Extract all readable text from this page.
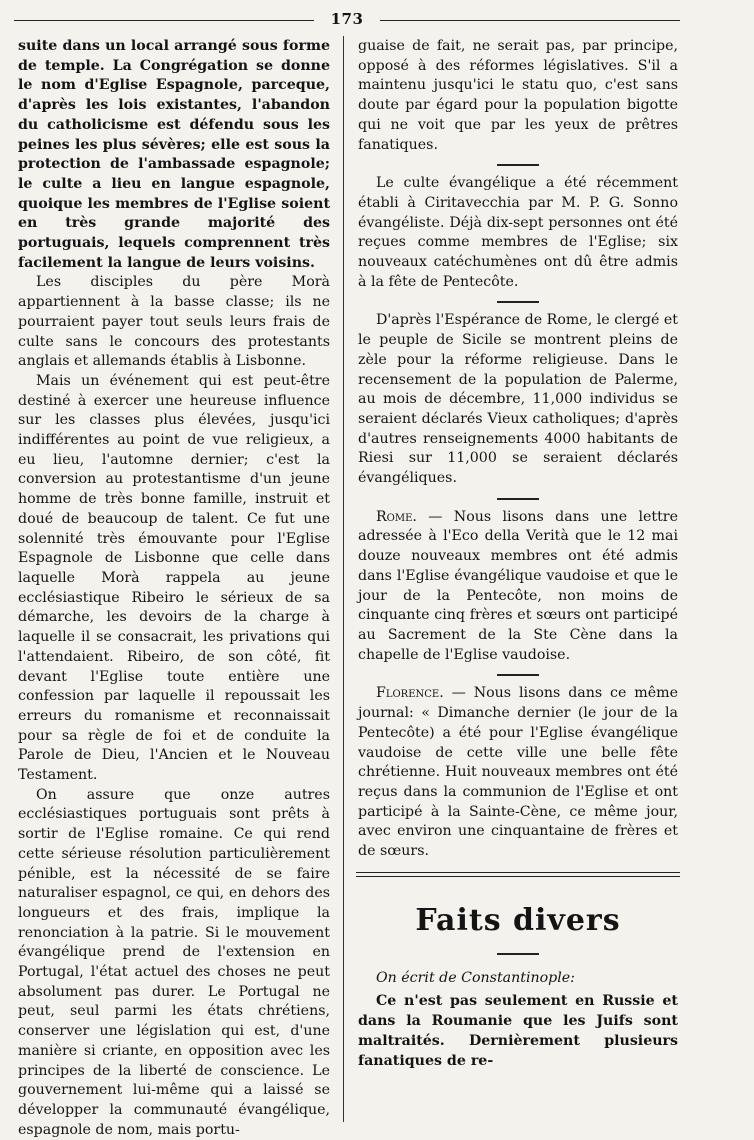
173

suite dans un local arrangé sous forme de temple. La Congrégation se donne le nom d'Eglise Espagnole, parceque, d'après les lois existantes, l'abandon du catholicisme est défendu sous les peines les plus sévères; elle est sous la protection de l'ambassade espagnole; le culte a lieu en langue espagnole, quoique les membres de l'Eglise soient en très grande majorité des portuguais, lequels comprennent très facilement la langue de leurs voisins.

Les disciples du père Morà appartiennent à la basse classe; ils ne pourraient payer tout seuls leurs frais de culte sans le concours des protestants anglais et allemands établis à Lisbonne.

Mais un événement qui est peut-être destiné à exercer une heureuse influence sur les classes plus élevées, jusqu'ici indifférentes au point de vue religieux, a eu lieu, l'automne dernier; c'est la conversion au protestantisme d'un jeune homme de très bonne famille, instruit et doué de beaucoup de talent. Ce fut une solennité très émouvante pour l'Eglise Espagnole de Lisbonne que celle dans laquelle Morà rappela au jeune ecclésiastique Ribeiro le sérieux de sa démarche, les devoirs de la charge à laquelle il se consacrait, les privations qui l'attendaient. Ribeiro, de son côté, fit devant l'Eglise toute entière une confession par laquelle il repoussait les erreurs du romanisme et reconnaissait pour sa règle de foi et de conduite la Parole de Dieu, l'Ancien et le Nouveau Testament.

On assure que onze autres ecclésiastiques portuguais sont prêts à sortir de l'Eglise romaine. Ce qui rend cette sérieuse résolution particulièrement pénible, est la nécessité de se faire naturaliser espagnol, ce qui, en dehors des longueurs et des frais, implique la renonciation à la patrie. Si le mouvement évangélique prend de l'extension en Portugal, l'état actuel des choses ne peut absolument pas durer. Le Portugal ne peut, seul parmi les états chrétiens, conserver une législation qui est, d'une manière si criante, en opposition avec les principes de la liberté de conscience. Le gouvernement lui-même qui a laissé se développer la communauté évangélique, espagnole de nom, mais portu-

guaise de fait, ne serait pas, par principe, opposé à des réformes législatives. S'il a maintenu jusqu'ici le statu quo, c'est sans doute par égard pour la population bigotte qui ne voit que par les yeux de prêtres fanatiques.

Le culte évangélique a été récemment établi à Ciritavecchia par M. P. G. Sonno évangéliste. Déjà dix-sept personnes ont été reçues comme membres de l'Eglise; six nouveaux catéchumènes ont dû être admis à la fête de Pentecôte.

D'après l'Espérance de Rome, le clergé et le peuple de Sicile se montrent pleins de zèle pour la réforme religieuse. Dans le recensement de la population de Palerme, au mois de décembre, 11,000 individus se seraient déclarés Vieux catholiques; d'après d'autres renseignements 4000 habitants de Riesi sur 11,000 se seraient déclarés évangéliques.

Rome. — Nous lisons dans une lettre adressée à l'Eco della Verità que le 12 mai douze nouveaux membres ont été admis dans l'Eglise évangélique vaudoise et que le jour de la Pentecôte, non moins de cinquante cinq frères et sœurs ont participé au Sacrement de la Ste Cène dans la chapelle de l'Eglise vaudoise.

Florence. — Nous lisons dans ce même journal: « Dimanche dernier (le jour de la Pentecôte) a été pour l'Eglise évangélique vaudoise de cette ville une belle fête chrétienne. Huit nouveaux membres ont été reçus dans la communion de l'Eglise et ont participé à la Sainte-Cène, ce même jour, avec environ une cinquantaine de frères et de sœurs.

Faits divers

On écrit de Constantinople:

Ce n'est pas seulement en Russie et dans la Roumanie que les Juifs sont maltraités. Dernièrement plusieurs fanatiques de re-
